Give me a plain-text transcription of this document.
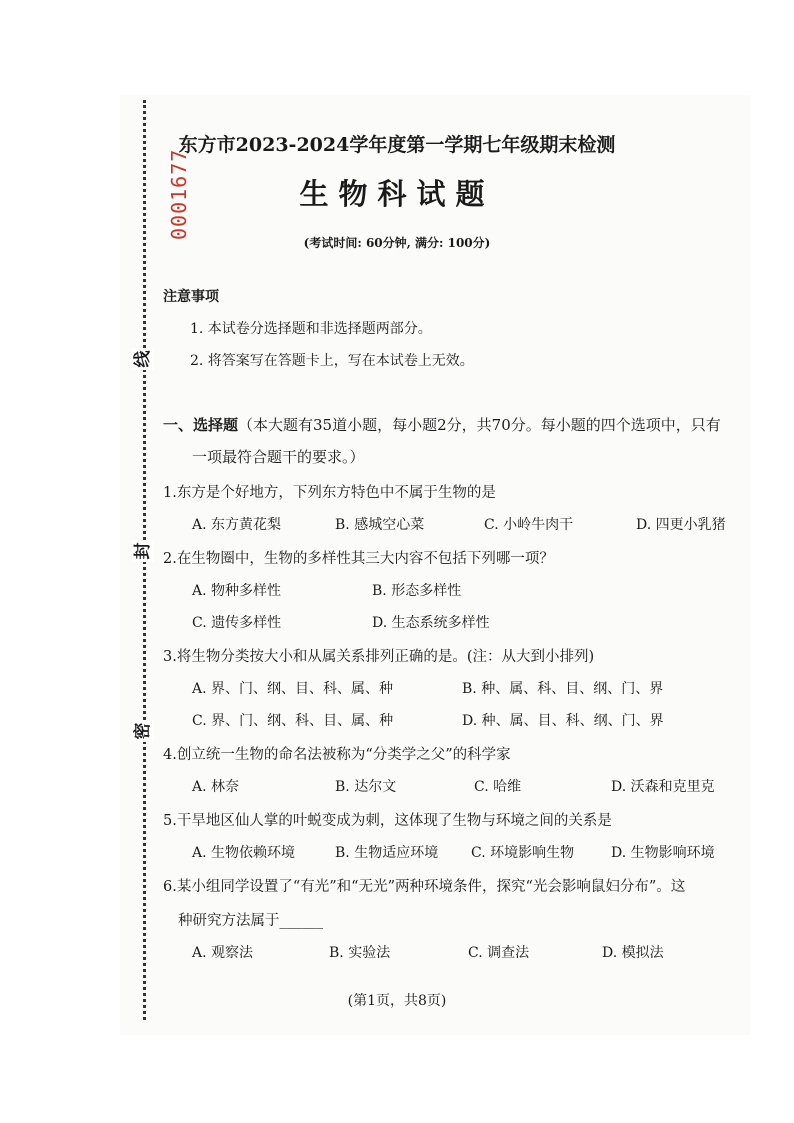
0001677
线
封
密
东方市2023-2024学年度第一学期七年级期末检测
生物科试题
(考试时间: 60分钟, 满分: 100分)
注意事项
1. 本试卷分选择题和非选择题两部分。
2. 将答案写在答题卡上，写在本试卷上无效。
一、选择题（本大题有35道小题，每小题2分，共70分。每小题的四个选项中，只有
一项最符合题干的要求。）
1.东方是个好地方，下列东方特色中不属于生物的是
A. 东方黄花梨	B. 感城空心菜	C. 小岭牛肉干	D. 四更小乳猪
2.在生物圈中，生物的多样性其三大内容不包括下列哪一项？
A. 物种多样性	B. 形态多样性
C. 遗传多样性	D. 生态系统多样性
3.将生物分类按大小和从属关系排列正确的是。(注：从大到小排列)
A. 界、门、纲、目、科、属、种	B. 种、属、科、目、纲、门、界
C. 界、门、纲、科、目、属、种	D. 种、属、目、科、纲、门、界
4.创立统一生物的命名法被称为“分类学之父”的科学家
A. 林奈	B. 达尔文	C. 哈维	D. 沃森和克里克
5.干旱地区仙人掌的叶蜕变成为刺，这体现了生物与环境之间的关系是
A. 生物依赖环境	B. 生物适应环境 C. 环境影响生物	D. 生物影响环境
6.某小组同学设置了“有光”和“无光”两种环境条件，探究“光会影响鼠妇分布”。这
种研究方法属于______
A. 观察法	B. 实验法	C. 调查法	D. 模拟法
(第1页，共8页)
